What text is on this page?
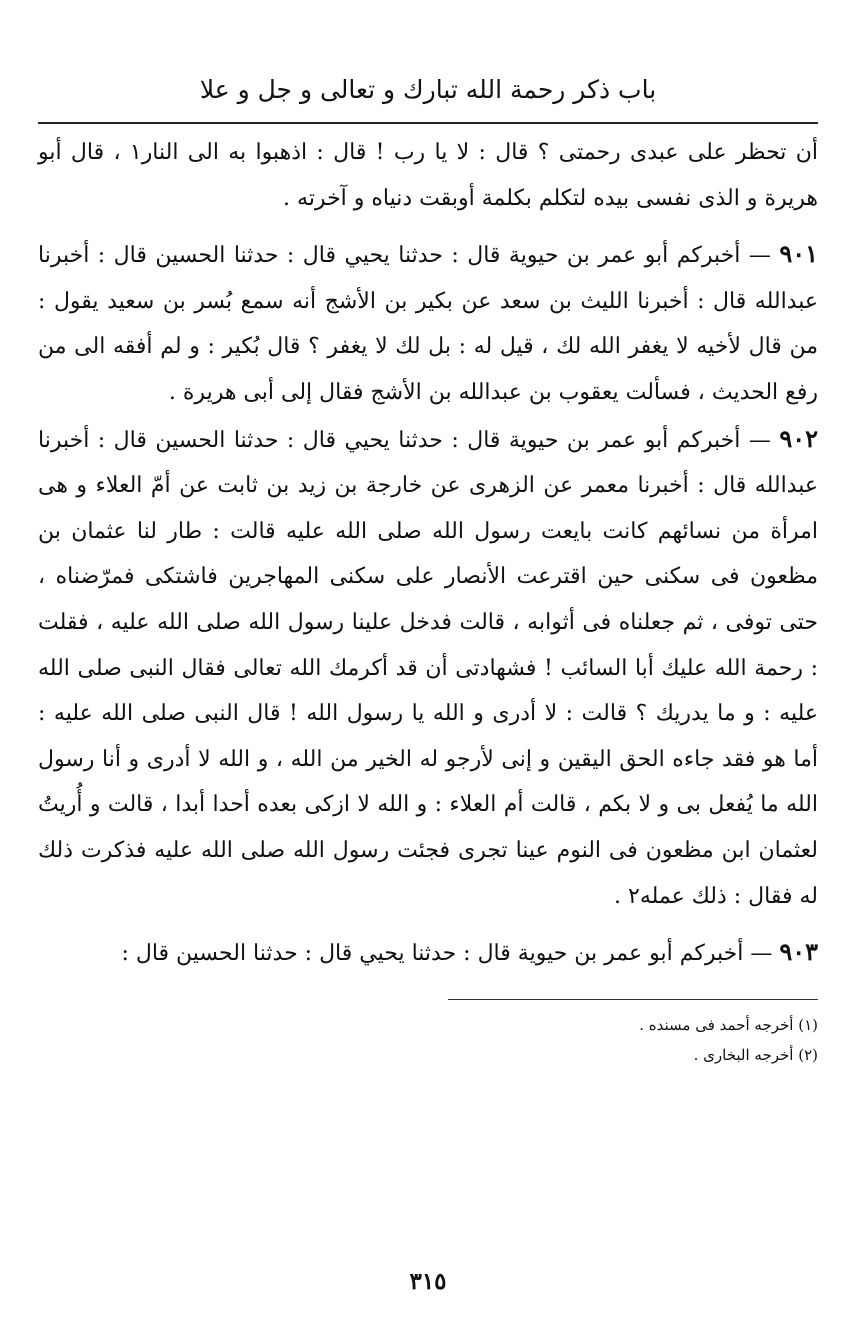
باب ذكر رحمة الله تبارك و تعالى و جل و علا

أن تحظر على عبدى رحمتى ؟ قال : لا يا رب ! قال : اذهبوا به الى النار١ ، قال أبو هريرة و الذى نفسى بيده لتكلم بكلمة أوبقت دنياه و آخرته .

٩٠١ — أخبركم أبو عمر بن حيوية قال : حدثنا يحيي قال : حدثنا الحسين قال : أخبرنا عبدالله قال : أخبرنا الليث بن سعد عن بكير بن الأشج أنه سمع بُسر بن سعيد يقول : من قال لأخيه لا يغفر الله لك ، قيل له : بل لك لا يغفر ؟ قال بُكير : و لم أفقه الى من رفع الحديث ، فسألت يعقوب بن عبدالله بن الأشج فقال إلى أبى هريرة .

٩٠٢ — أخبركم أبو عمر بن حيوية قال : حدثنا يحيي قال : حدثنا الحسين قال : أخبرنا عبدالله قال : أخبرنا معمر عن الزهرى عن خارجة بن زيد بن ثابت عن أمّ العلاء و هى امرأة من نسائهم كانت بايعت رسول الله صلى الله عليه قالت : طار لنا عثمان بن مظعون فى سكنى حين اقترعت الأنصار على سكنى المهاجرين فاشتكى فمرّضناه ، حتى توفى ، ثم جعلناه فى أثوابه ، قالت فدخل علينا رسول الله صلى الله عليه ، فقلت : رحمة الله عليك أبا السائب ! فشهادتى أن قد أكرمك الله تعالى فقال النبى صلى الله عليه : و ما يدريك ؟ قالت : لا أدرى و الله يا رسول الله ! قال النبى صلى الله عليه : أما هو فقد جاءه الحق اليقين و إنى لأرجو له الخير من الله ، و الله لا أدرى و أنا رسول الله ما يُفعل بى و لا بكم ، قالت أم العلاء : و الله لا ازكى بعده أحدا أبدا ، قالت و أُريتُ لعثمان ابن مظعون فى النوم عينا تجرى فجئت رسول الله صلى الله عليه فذكرت ذلك له فقال : ذلك عمله٢ .

٩٠٣ — أخبركم أبو عمر بن حيوية قال : حدثنا يحيي قال : حدثنا الحسين قال :

(١) أخرجه أحمد فى مسنده .

(٢) أخرجه البخارى .

٣١٥
